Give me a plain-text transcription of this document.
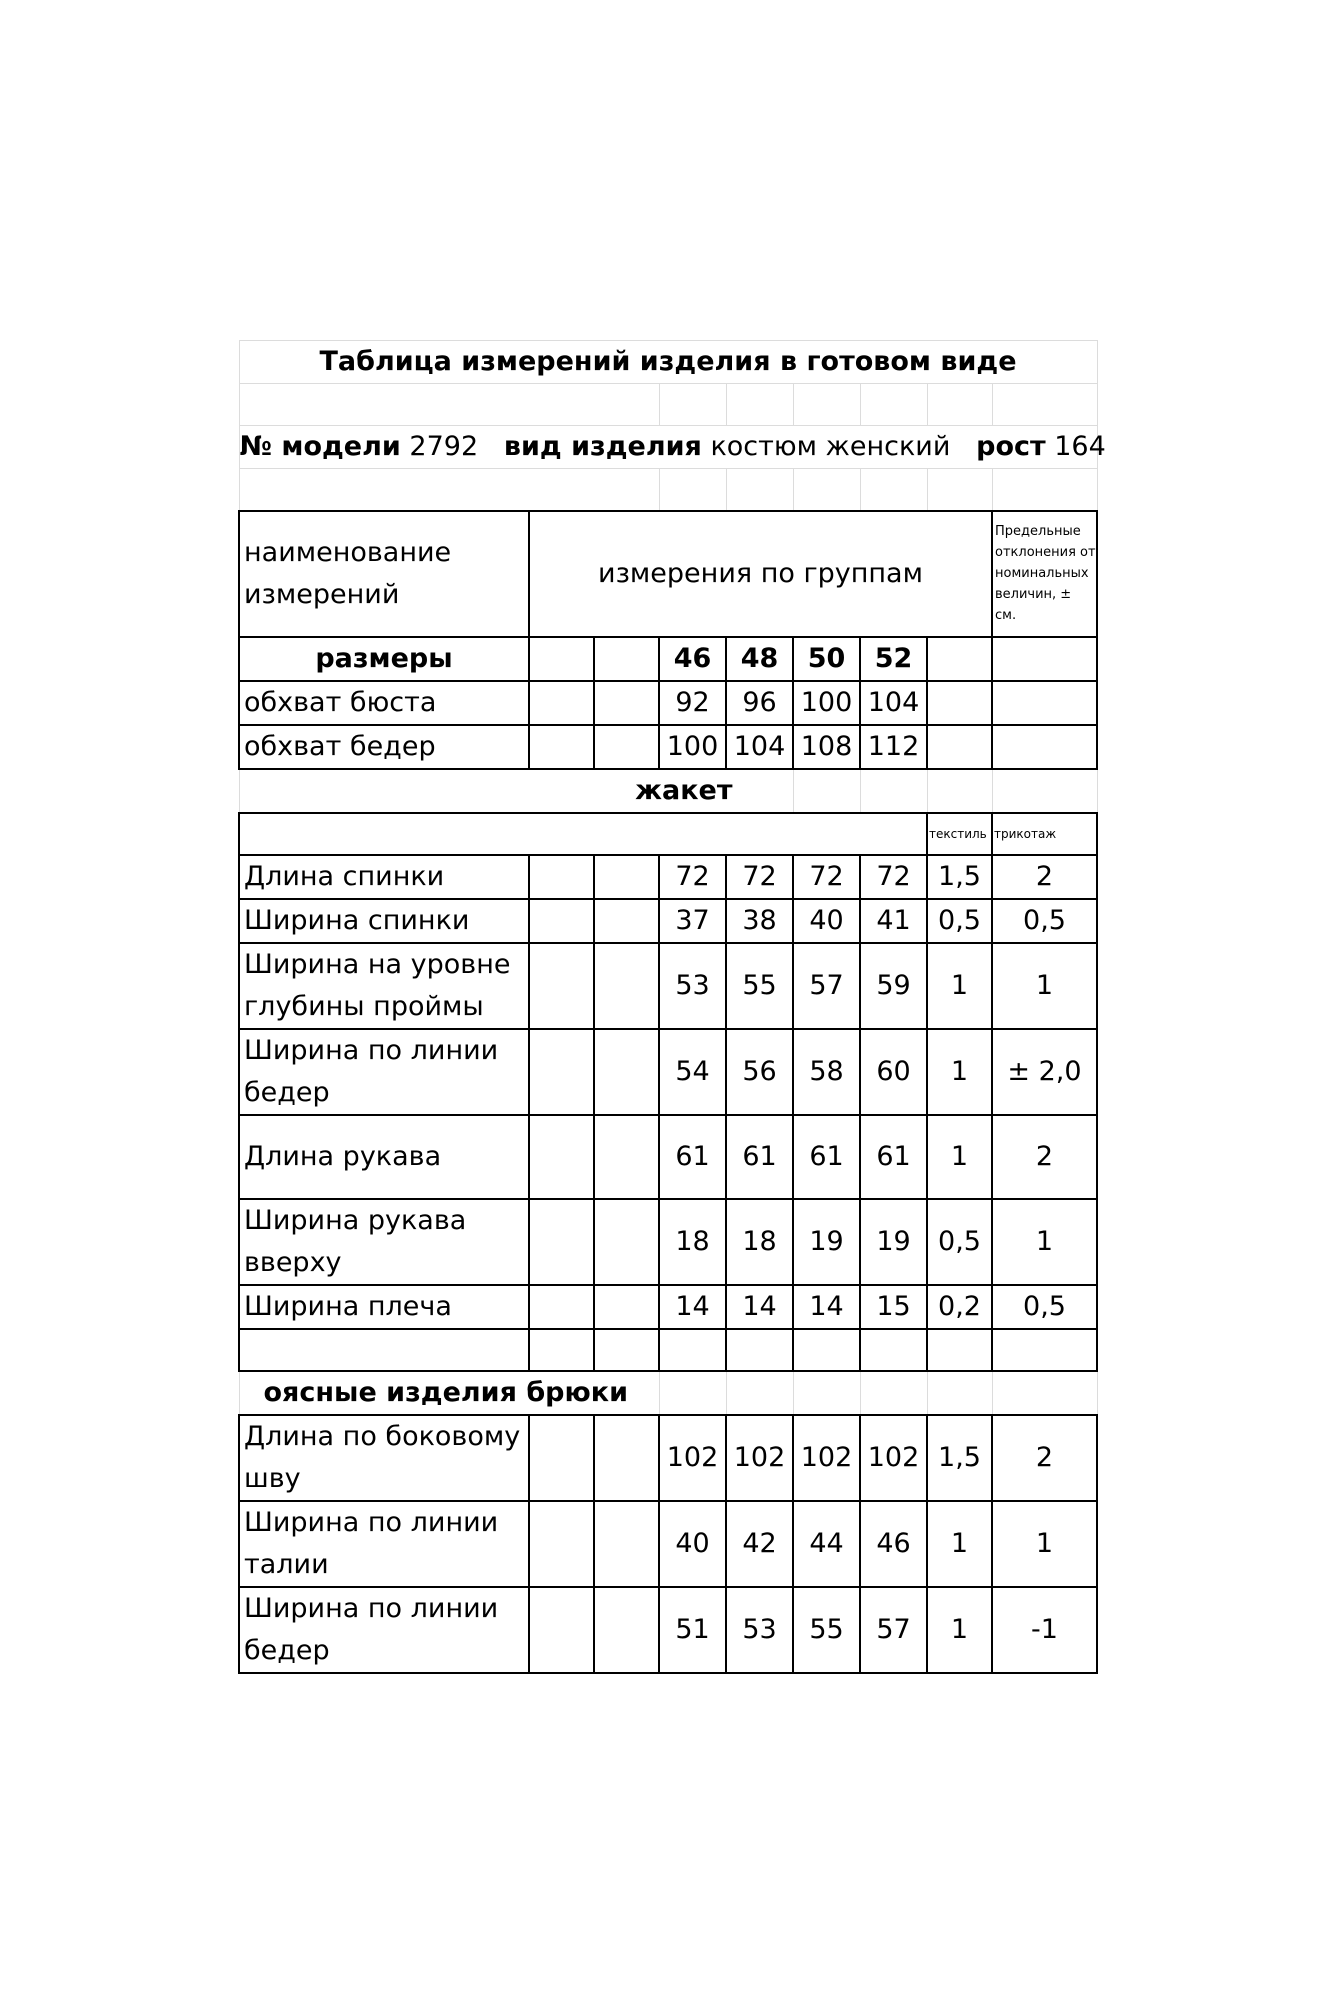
Таблица измерений изделия в готовом виде								

№ модели 2792 вид изделия костюм женский рост 164								

наименование измерений	измерения по группам							Предельные отклонения от номинальных величин, ± см.
размеры			46	48	50	52		
обхват бюста			92	96	100	104		
обхват бедер			100	104	108	112		
жакет								
							текстиль	трикотаж
Длина спинки			72	72	72	72	1,5	2
Ширина спинки			37	38	40	41	0,5	0,5
Ширина на уровне глубины проймы			53	55	57	59	1	1
Ширина по линии бедер			54	56	58	60	1	± 2,0
Длина рукава			61	61	61	61	1	2
Ширина рукава вверху			18	18	19	19	0,5	1
Ширина плеча			14	14	14	15	0,2	0,5

оясные изделия брюки								
Длина по боковому шву			102	102	102	102	1,5	2
Ширина по линии талии			40	42	44	46	1	1
Ширина по линии бедер			51	53	55	57	1	-1
